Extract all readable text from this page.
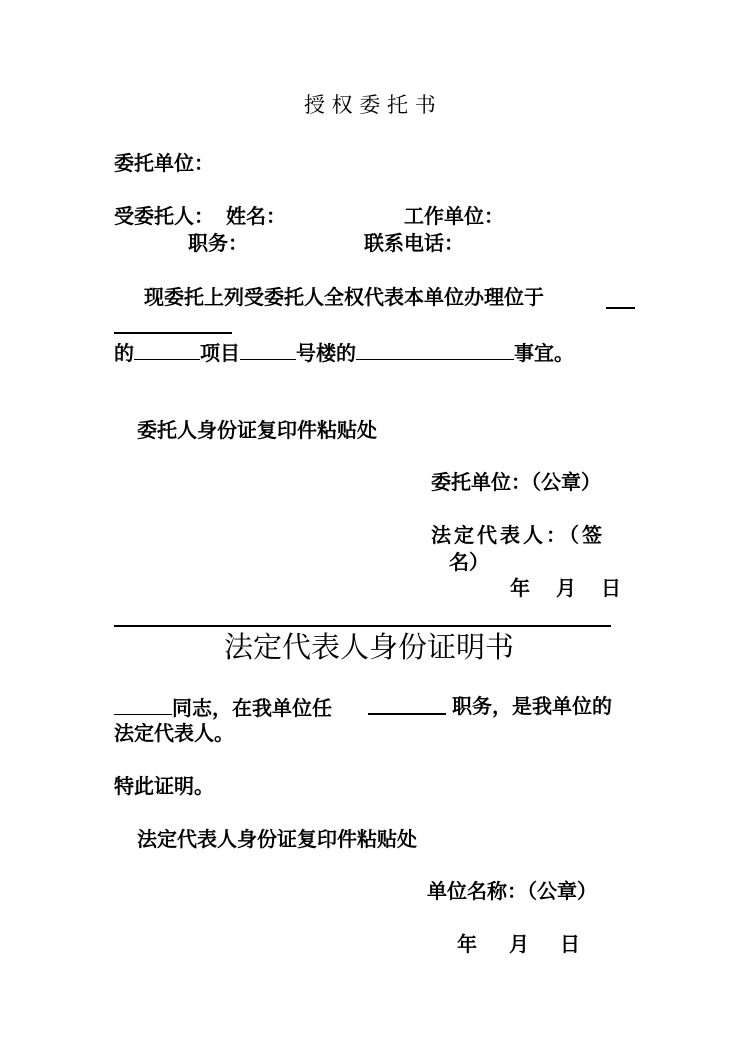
授 权 委 托 书
委托单位：
受委托人： 姓名：	工作单位：
职务：	联系电话：
现委托上列受委托人全权代表本单位办理位于
的	项目	号楼的	事宜。
委托人身份证复印件粘贴处
委托单位：（公章）
法定代表人：（签
名）
年 月 日
法定代表人身份证明书
同志，在我单位任	职务，是我单位的
法定代表人。
特此证明。
法定代表人身份证复印件粘贴处
单位名称：（公章）
年 月 日
